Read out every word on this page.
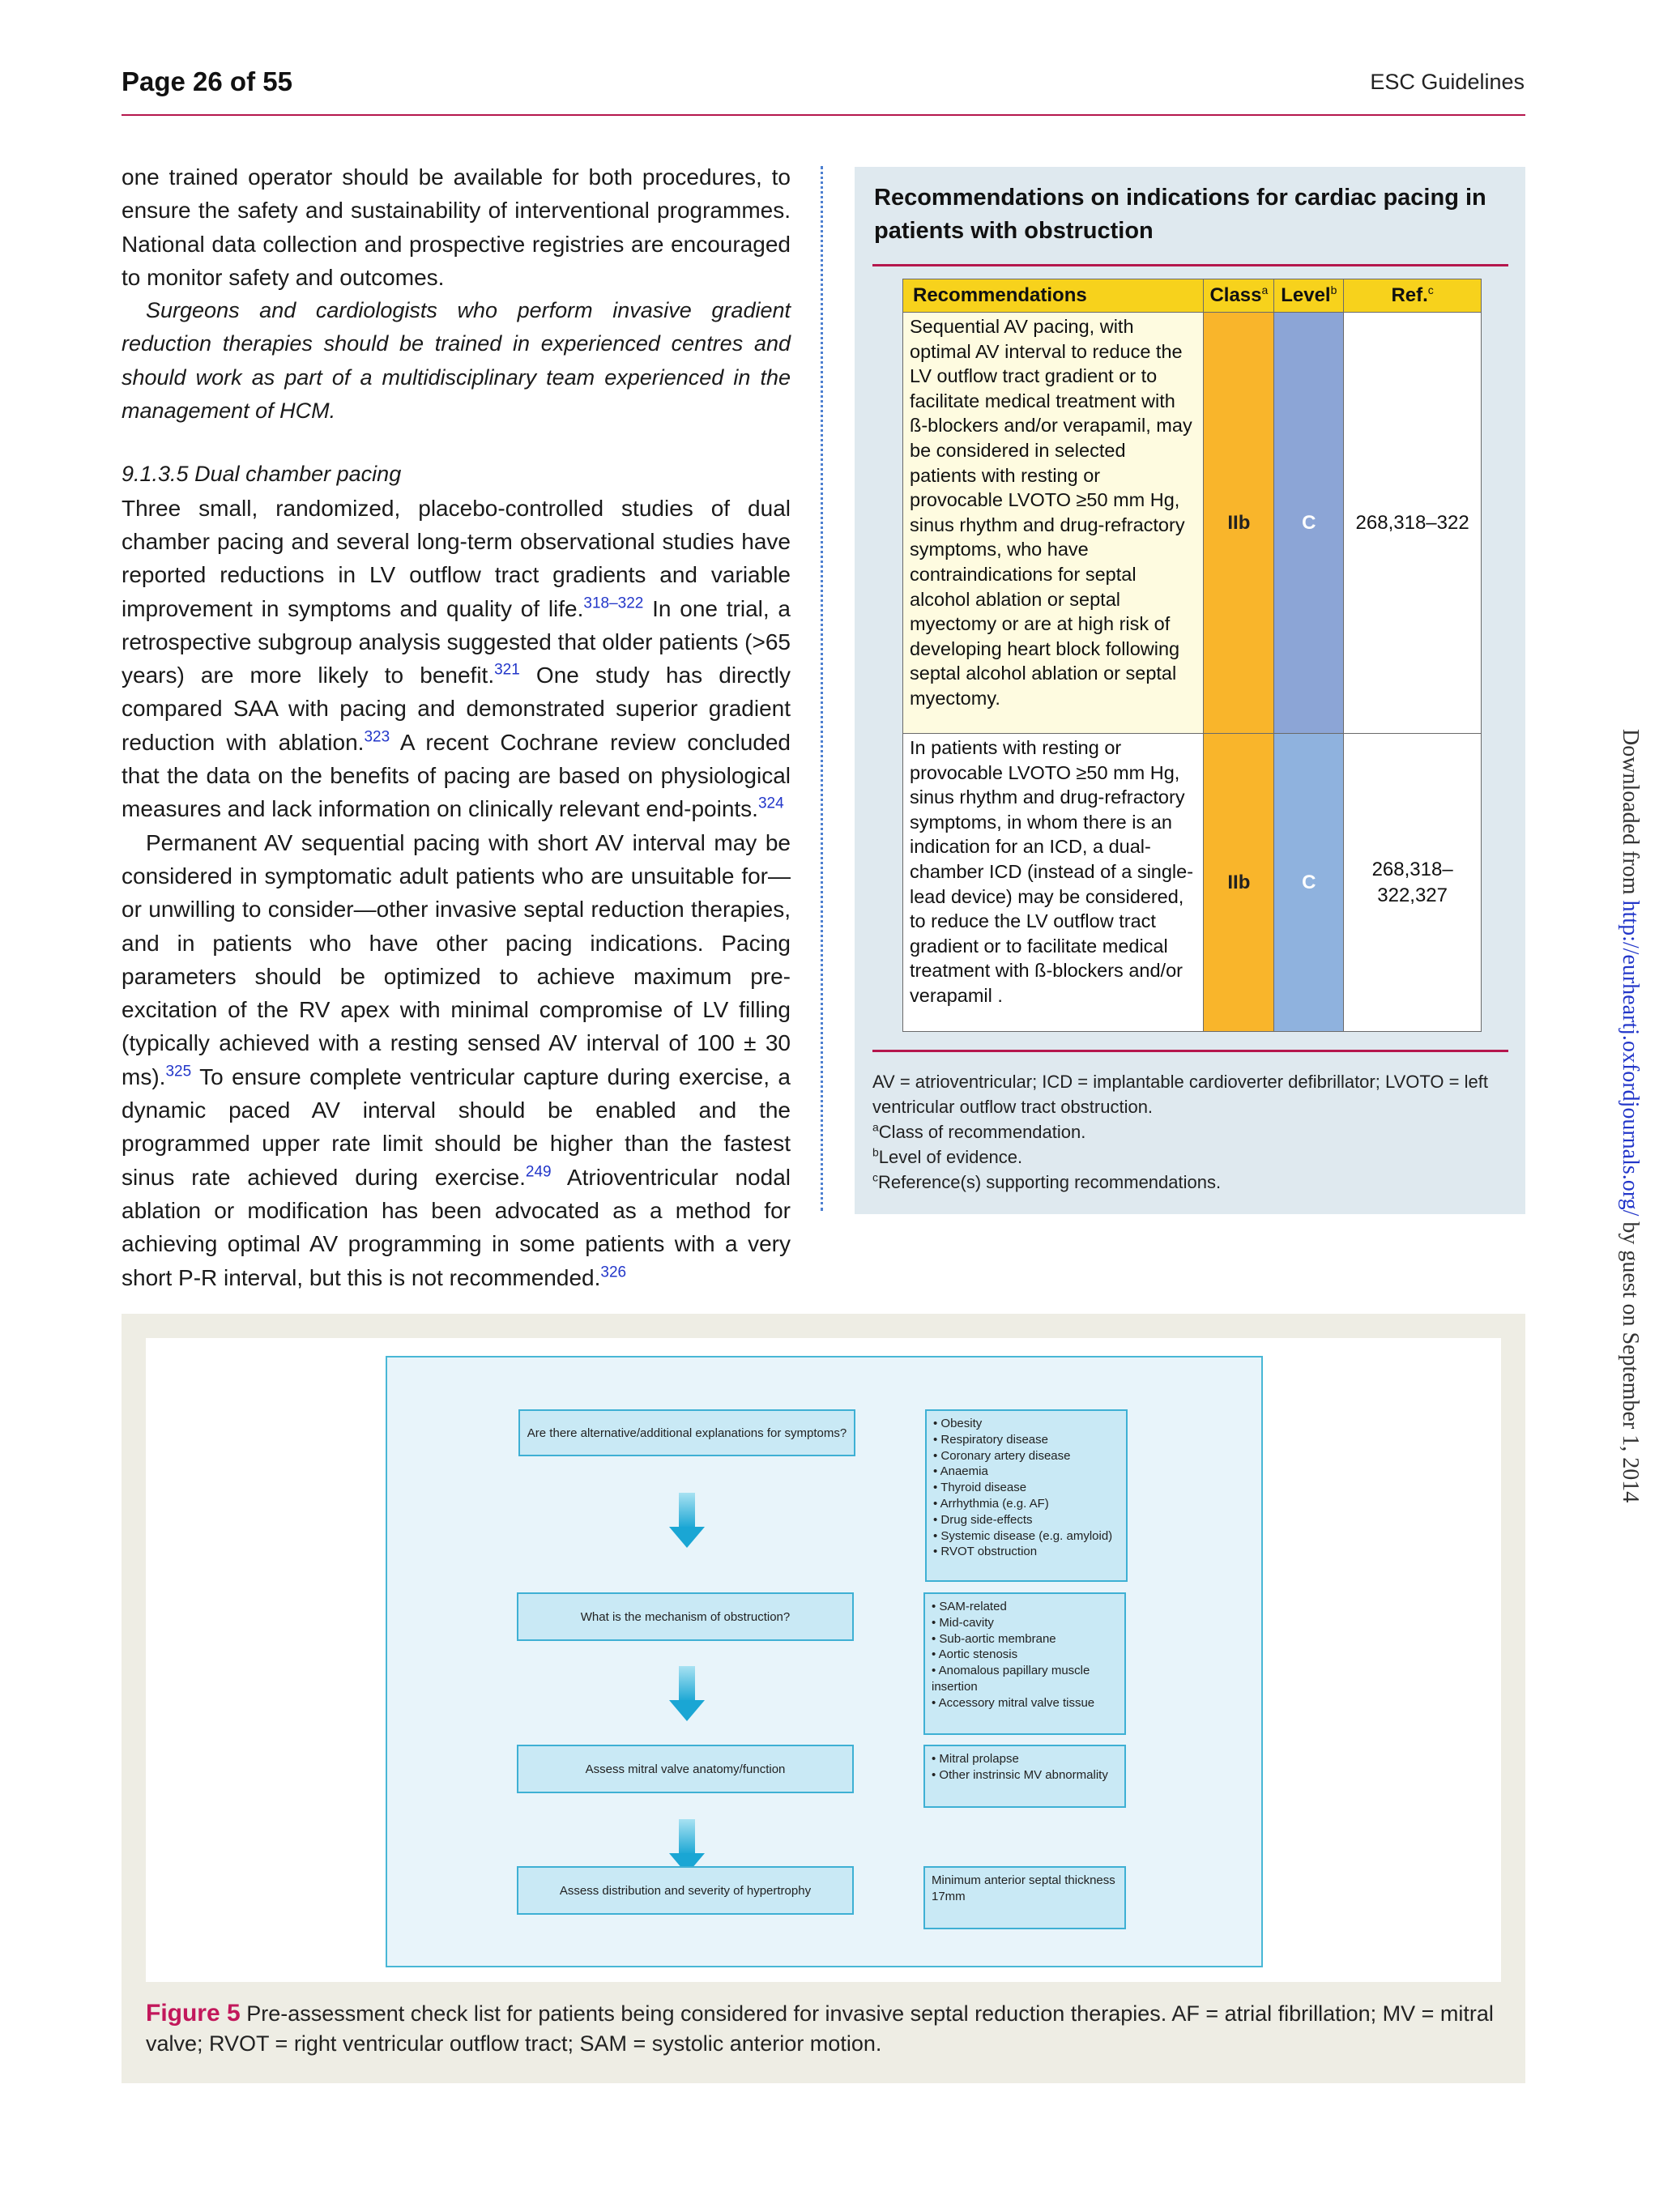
Page 26 of 55	ESC Guidelines

one trained operator should be available for both procedures, to ensure the safety and sustainability of interventional programmes. National data collection and prospective registries are encouraged to monitor safety and outcomes.

Surgeons and cardiologists who perform invasive gradient reduction therapies should be trained in experienced centres and should work as part of a multidisciplinary team experienced in the management of HCM.

9.1.3.5 Dual chamber pacing

Three small, randomized, placebo-controlled studies of dual chamber pacing and several long-term observational studies have reported reductions in LV outflow tract gradients and variable improvement in symptoms and quality of life.$^{318-322}$ In one trial, a retrospective subgroup analysis suggested that older patients (>65 years) are more likely to benefit.$^{321}$ One study has directly compared SAA with pacing and demonstrated superior gradient reduction with ablation.$^{323}$ A recent Cochrane review concluded that the data on the benefits of pacing are based on physiological measures and lack information on clinically relevant end-points.$^{324}$

Permanent AV sequential pacing with short AV interval may be considered in symptomatic adult patients who are unsuitable for—or unwilling to consider—other invasive septal reduction therapies, and in patients who have other pacing indications. Pacing parameters should be optimized to achieve maximum pre-excitation of the RV apex with minimal compromise of LV filling (typically achieved with a resting sensed AV interval of 100 ± 30 ms).$^{325}$ To ensure complete ventricular capture during exercise, a dynamic paced AV interval should be enabled and the programmed upper rate limit should be higher than the fastest sinus rate achieved during exercise.$^{249}$ Atrioventricular nodal ablation or modification has been advocated as a method for achieving optimal AV programming in some patients with a very short P-R interval, but this is not recommended.$^{326}$

Recommendations on indications for cardiac pacing in patients with obstruction
Recommendations	Class$^a$	Level$^b$	Ref.$^c$
Sequential AV pacing, with optimal AV interval to reduce the LV outflow tract gradient or to facilitate medical treatment with ß-blockers and/or verapamil, may be considered in selected patients with resting or provocable LVOTO ≥50 mm Hg, sinus rhythm and drug-refractory symptoms, who have contraindications for septal alcohol ablation or septal myectomy or are at high risk of developing heart block following septal alcohol ablation or septal myectomy.	IIb	C	268,318–322
In patients with resting or provocable LVOTO ≥50 mm Hg, sinus rhythm and drug-refractory symptoms, in whom there is an indication for an ICD, a dual-chamber ICD (instead of a single-lead device) may be considered, to reduce the LV outflow tract gradient or to facilitate medical treatment with ß-blockers and/or verapamil .	IIb	C	268,318– 322,327
AV = atrioventricular; ICD = implantable cardioverter defibrillator; LVOTO = left ventricular outflow tract obstruction.
$^a$Class of recommendation.
$^b$Level of evidence.
$^c$Reference(s) supporting recommendations.
Downloaded from http://eurheartj.oxfordjournals.org/ by guest on September 1, 2014
Are there alternative/additional explanations for symptoms?
• Obesity
• Respiratory disease
• Coronary artery disease
• Anaemia
• Thyroid disease
• Arrhythmia (e.g. AF)
• Drug side-effects
• Systemic disease (e.g. amyloid)
• RVOT obstruction
What is the mechanism of obstruction?
• SAM-related
• Mid-cavity
• Sub-aortic membrane
• Aortic stenosis
• Anomalous papillary muscle insertion
• Accessory mitral valve tissue
Assess mitral valve anatomy/function
• Mitral prolapse
• Other instrinsic MV abnormality
Assess distribution and severity of hypertrophy
Minimum anterior septal thickness 17mm
Figure 5 Pre-assessment check list for patients being considered for invasive septal reduction therapies. AF = atrial fibrillation; MV = mitral valve; RVOT = right ventricular outflow tract; SAM = systolic anterior motion.
